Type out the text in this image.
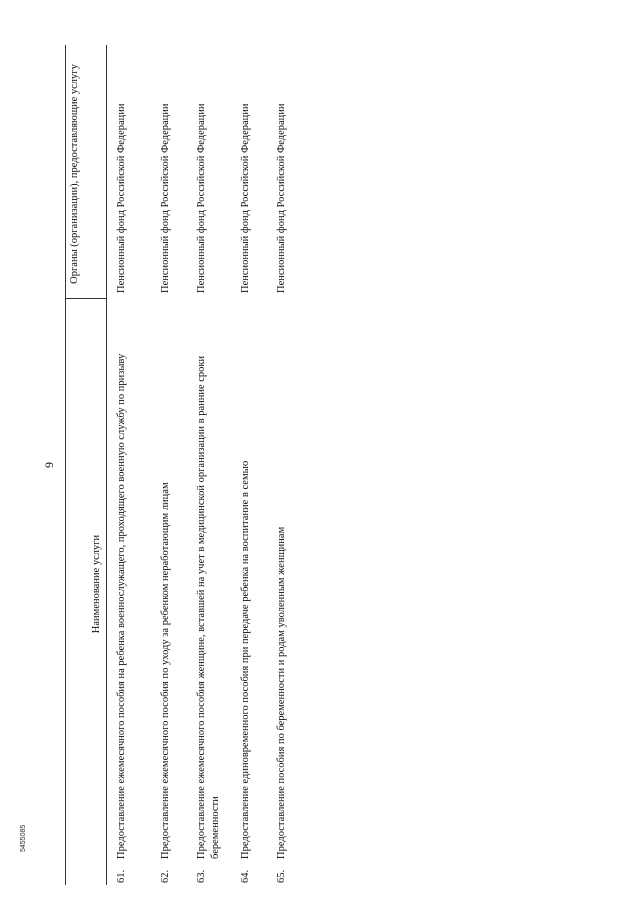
9
Наименование услуги
Органы (организации), предоставляющие услугу
61.
Предоставление ежемесячного пособия на ребенка военнослужащего, проходящего военную службу по призыву
Пенсионный фонд Российской Федерации
62.
Предоставление ежемесячного пособия по уходу за ребенком неработающим лицам
Пенсионный фонд Российской Федерации
63.
Предоставление ежемесячного пособия женщине, вставшей на учет в медицинской организации в ранние сроки беременности
Пенсионный фонд Российской Федерации
64.
Предоставление единовременного пособия при передаче ребенка на воспитание в семью
Пенсионный фонд Российской Федерации
65.
Предоставление пособия по беременности и родам уволенным женщинам
Пенсионный фонд Российской Федерации
5455085
